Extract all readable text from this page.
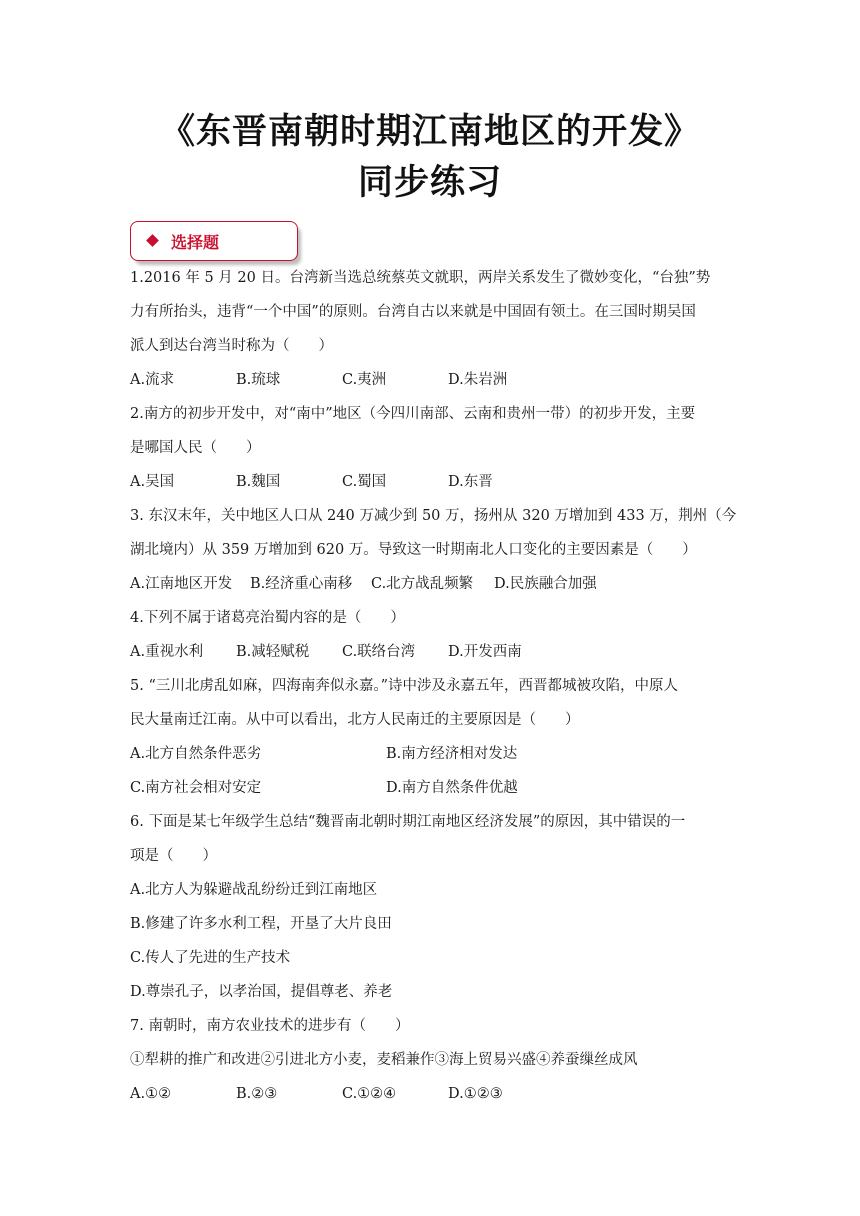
《东晋南朝时期江南地区的开发》
同步练习
选择题
1.2016 年 5 月 20 日。台湾新当选总统蔡英文就职，两岸关系发生了微妙变化，“台独”势
力有所抬头，违背“一个中国”的原则。台湾自古以来就是中国固有领土。在三国时期吴国
派人到达台湾当时称为（　　）
A.流求	B.琉球	C.夷洲	D.朱岩洲
2.南方的初步开发中，对“南中”地区（今四川南部、云南和贵州一带）的初步开发，主要
是哪国人民（　　）
A.吴国	B.魏国	C.蜀国	D.东晋
3. 东汉末年，关中地区人口从 240 万减少到 50 万，扬州从 320 万增加到 433 万，荆州（今
湖北境内）从 359 万增加到 620 万。导致这一时期南北人口变化的主要因素是（　　）
A.江南地区开发 B.经济重心南移 C.北方战乱频繁 D.民族融合加强
4.下列不属于诸葛亮治蜀内容的是（　　）
A.重视水利 B.减轻赋税 C.联络台湾 D.开发西南
5. “三川北虏乱如麻，四海南奔似永嘉。”诗中涉及永嘉五年，西晋都城被攻陷，中原人
民大量南迁江南。从中可以看出，北方人民南迁的主要原因是（　　）
A.北方自然条件恶劣	B.南方经济相对发达
C.南方社会相对安定	D.南方自然条件优越
6. 下面是某七年级学生总结“魏晋南北朝时期江南地区经济发展”的原因，其中错误的一
项是（　　）
A.北方人为躲避战乱纷纷迁到江南地区
B.修建了许多水利工程，开垦了大片良田
C.传人了先进的生产技术
D.尊崇孔子，以孝治国，提倡尊老、养老
7. 南朝时，南方农业技术的进步有（　　）
①犁耕的推广和改进②引进北方小麦，麦稻兼作③海上贸易兴盛④养蚕缫丝成风
A.①②	B.②③	C.①②④	D.①②③
